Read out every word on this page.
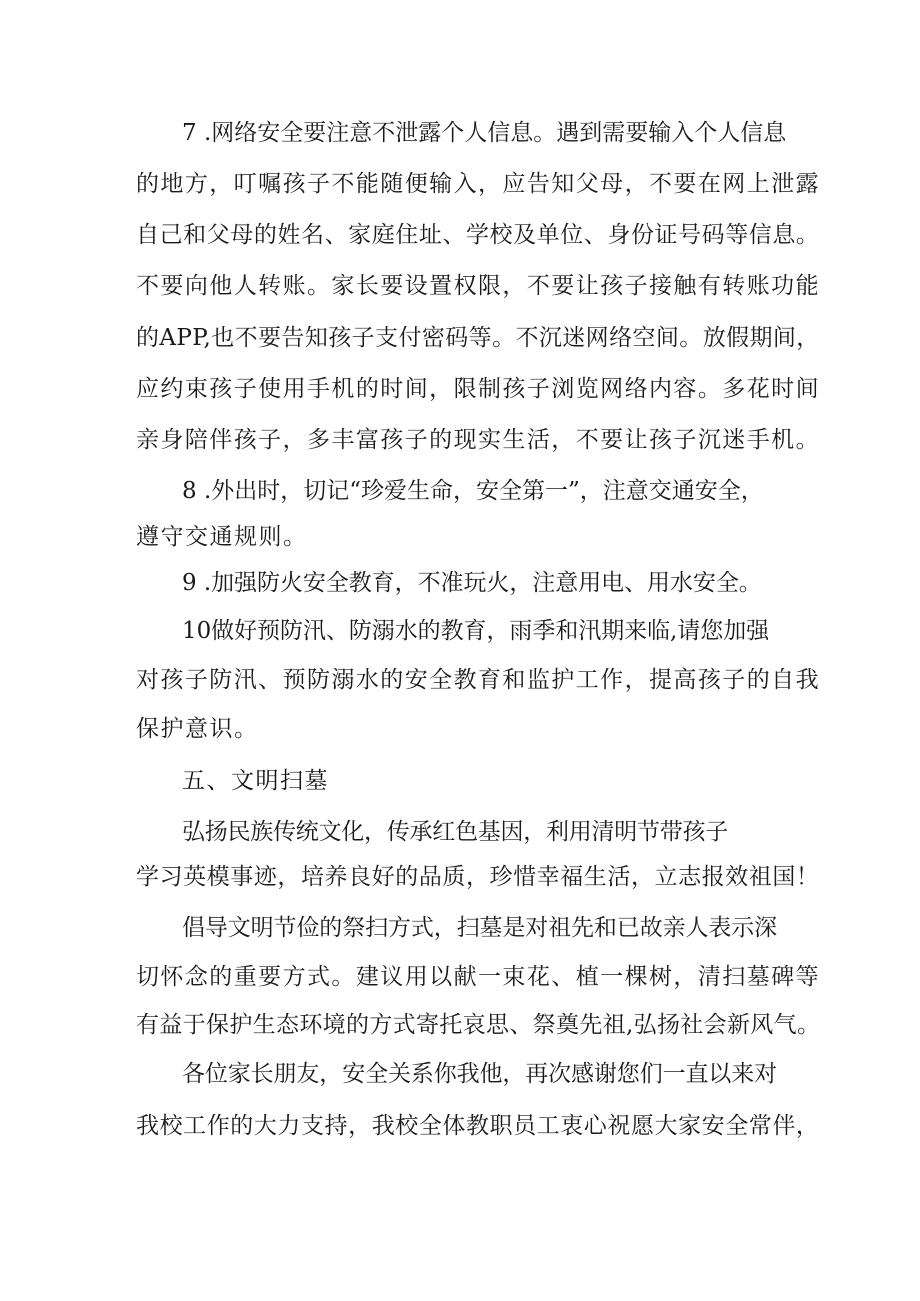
7 .网络安全要注意不泄露个人信息。遇到需要输入个人信息
的地方，叮嘱孩子不能随便输入，应告知父母，不要在网上泄露
自己和父母的姓名、家庭住址、学校及单位、身份证号码等信息。
不要向他人转账。家长要设置权限，不要让孩子接触有转账功能
的APP,也不要告知孩子支付密码等。不沉迷网络空间。放假期间，
应约束孩子使用手机的时间，限制孩子浏览网络内容。多花时间
亲身陪伴孩子，多丰富孩子的现实生活，不要让孩子沉迷手机。
8 .外出时，切记“珍爱生命，安全第一”，注意交通安全，
遵守交通规则。
9 .加强防火安全教育，不准玩火，注意用电、用水安全。
10做好预防汛、防溺水的教育，雨季和汛期来临,请您加强
对孩子防汛、预防溺水的安全教育和监护工作，提高孩子的自我
保护意识。
五、文明扫墓
弘扬民族传统文化，传承红色基因，利用清明节带孩子
学习英模事迹，培养良好的品质，珍惜幸福生活，立志报效祖国！
倡导文明节俭的祭扫方式，扫墓是对祖先和已故亲人表示深
切怀念的重要方式。建议用以献一束花、植一棵树，清扫墓碑等
有益于保护生态环境的方式寄托哀思、祭奠先祖,弘扬社会新风气。
各位家长朋友，安全关系你我他，再次感谢您们一直以来对
我校工作的大力支持，我校全体教职员工衷心祝愿大家安全常伴，
